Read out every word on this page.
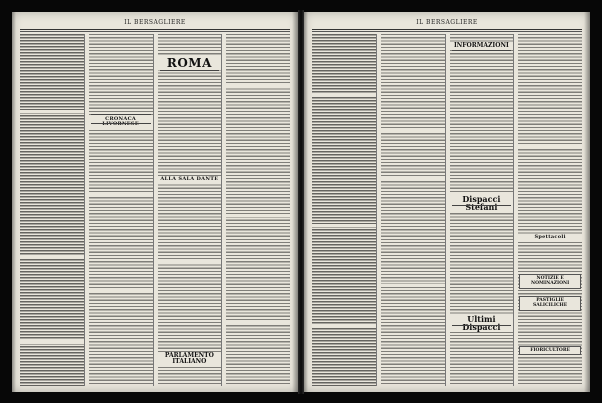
IL BERSAGLIERE
CRONACA LIVORNESE
ROMA
ALLA SALA DANTE
PARLAMENTO ITALIANO
IL BERSAGLIERE
INFORMAZIONI
Dispacci Stefani
Ultimi Dispacci
Spettacoli
NOTIZIE E NOMINAZIONI
PASTIGLIE SALICILICHE
FIORICULTORE
